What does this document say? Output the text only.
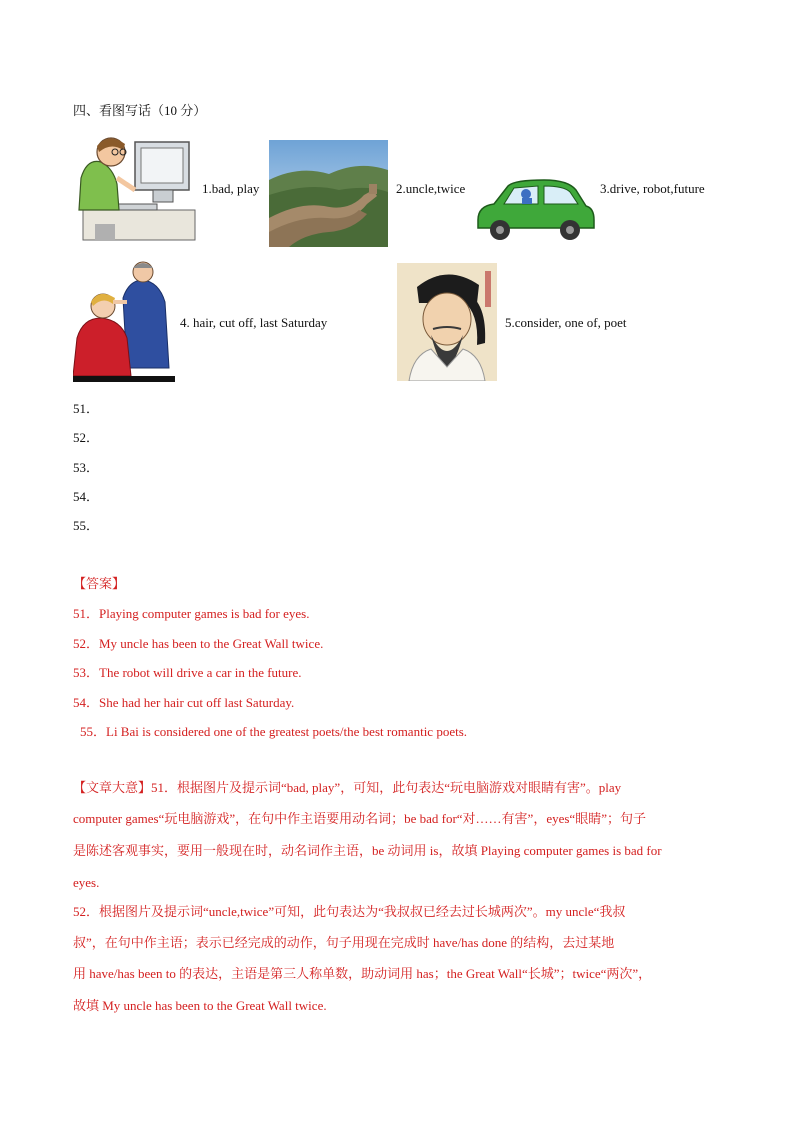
四、看图写话（10 分）
1.bad, play	2.uncle,twice	3.drive, robot,future
4. hair, cut off, last Saturday	5.consider, one of, poet
51．
52．
53．
54．
55．
【答案】
51．Playing computer games is bad for eyes.
52．My uncle has been to the Great Wall twice.
53．The robot will drive a car in the future.
54．She had her hair cut off last Saturday.
55．Li Bai is considered one of the greatest poets/the best romantic poets.
【文章大意】51．根据图片及提示词“bad, play”，可知，此句表达“玩电脑游戏对眼睛有害”。play
computer games“玩电脑游戏”，在句中作主语要用动名词；be bad for“对……有害”，eyes“眼睛”；句子
是陈述客观事实，要用一般现在时，动名词作主语，be 动词用 is，故填 Playing computer games is bad for
eyes.
52．根据图片及提示词“uncle,twice”可知，此句表达为“我叔叔已经去过长城两次”。my uncle“我叔
叔”，在句中作主语；表示已经完成的动作，句子用现在完成时 have/has done 的结构，去过某地
用 have/has been to 的表达，主语是第三人称单数，助动词用 has；the Great Wall“长城”；twice“两次”，
故填 My uncle has been to the Great Wall twice.
